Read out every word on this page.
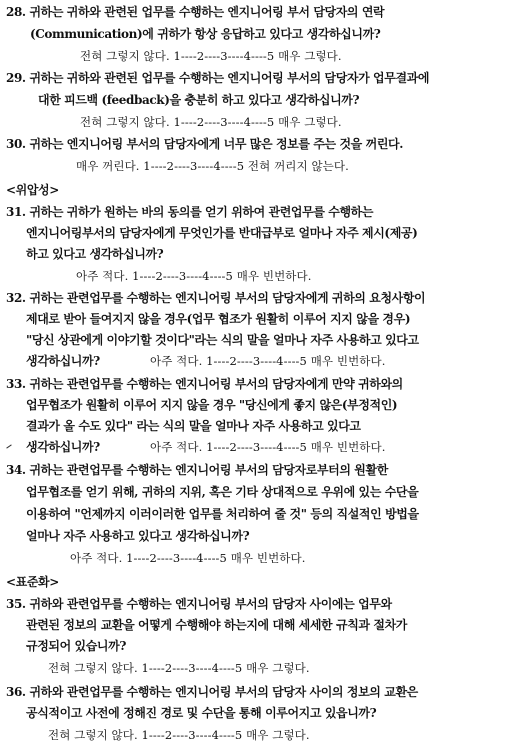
28. 귀하는 귀하와 관련된 업무를 수행하는 엔지니어링 부서 담당자의 연락
(Communication)에 귀하가 항상 응답하고 있다고 생각하십니까?
전혀 그렇지 않다. 1----2----3----4----5 매우 그렇다.
29. 귀하는 귀하와 관련된 업무를 수행하는 엔지니어링 부서의 담당자가 업무결과에
대한 피드백 (feedback)을 충분히 하고 있다고 생각하십니까?
전혀 그렇지 않다. 1----2----3----4----5 매우 그렇다.
30. 귀하는 엔지니어링 부서의 담당자에게 너무 많은 정보를 주는 것을 꺼린다.
매우 꺼린다. 1----2----3----4----5 전혀 꺼리지 않는다.
<위압성>
31. 귀하는 귀하가 원하는 바의 동의를 얻기 위하여 관련업무를 수행하는
엔지니어링부서의 담당자에게 무엇인가를 반대급부로 얼마나 자주 제시(제공)
하고 있다고 생각하십니까?
아주 적다. 1----2----3----4----5 매우 빈번하다.
32. 귀하는 관련업무를 수행하는 엔지니어링 부서의 담당자에게 귀하의 요청사항이
제대로 받아 들여지지 않을 경우(업무 협조가 원활히 이루어 지지 않을 경우)
"당신 상관에게 이야기할 것이다"라는 식의 말을 얼마나 자주 사용하고 있다고
생각하십니까?	아주 적다. 1----2----3----4----5 매우 빈번하다.
33. 귀하는 관련업무를 수행하는 엔지니어링 부서의 담당자에게 만약 귀하와의
업무협조가 원활히 이루어 지지 않을 경우 "당신에게 좋지 않은(부정적인)
결과가 올 수도 있다" 라는 식의 말을 얼마나 자주 사용하고 있다고
생각하십니까?	아주 적다. 1----2----3----4----5 매우 빈번하다.
34. 귀하는 관련업무를 수행하는 엔지니어링 부서의 담당자로부터의 원활한
업무협조를 얻기 위해, 귀하의 지위, 혹은 기타 상대적으로 우위에 있는 수단을
이용하여 "언제까지 이러이러한 업무를 처리하여 줄 것" 등의 직설적인 방법을
얼마나 자주 사용하고 있다고 생각하십니까?
아주 적다. 1----2----3----4----5 매우 빈번하다.
<표준화>
35. 귀하와 관련업무를 수행하는 엔지니어링 부서의 담당자 사이에는 업무와
관련된 정보의 교환을 어떻게 수행해야 하는지에 대해 세세한 규칙과 절차가
규정되어 있습니까?
전혀 그렇지 않다. 1----2----3----4----5 매우 그렇다.
36. 귀하와 관련업무를 수행하는 엔지니어링 부서의 담당자 사이의 정보의 교환은
공식적이고 사전에 정해진 경로 및 수단을 통해 이루어지고 있읍니까?
전혀 그렇지 않다. 1----2----3----4----5 매우 그렇다.
